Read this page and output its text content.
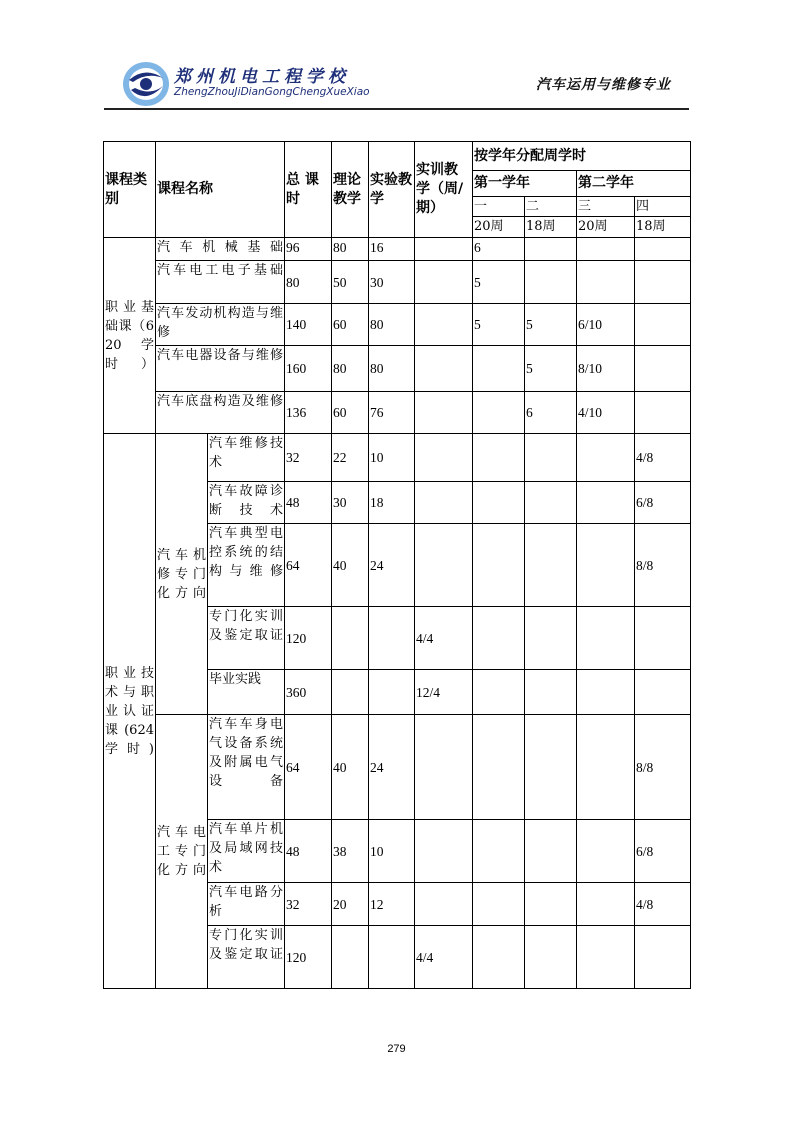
郑州机电工程学校
ZhengZhouJiDianGongChengXueXiao	汽车运用与维修专业
课程类别	课程名称		总 课时	理论教学	实验教学	实训教学（周/期）	按学年分配周学时			
							第一学年		第二学年	
							一	二	三	四
							20周	18周	20周	18周
职业基础课（620学时）	汽车机械基础		96	80	16		6			
	汽车电工电子基础		80	50	30		5			
	汽车发动机构造与维修		140	60	80		5	5	6/10	
	汽车电器设备与维修		160	80	80			5	8/10	
	汽车底盘构造及维修		136	60	76			6	4/10	
职业技术与职业认证课(624学时)	汽车机修专门化方向	汽车维修技术	32	22	10					4/8
		汽车故障诊断技术	48	30	18					6/8
		汽车典型电控系统的结构与维修	64	40	24					8/8
		专门化实训及鉴定取证	120			4/4				
		毕业实践	360			12/4				
	汽车电工专门化方向	汽车车身电气设备系统及附属电气设备	64	40	24					8/8
		汽车单片机及局域网技术	48	38	10					6/8
		汽车电路分析	32	20	12					4/8
		专门化实训及鉴定取证	120			4/4				
279
